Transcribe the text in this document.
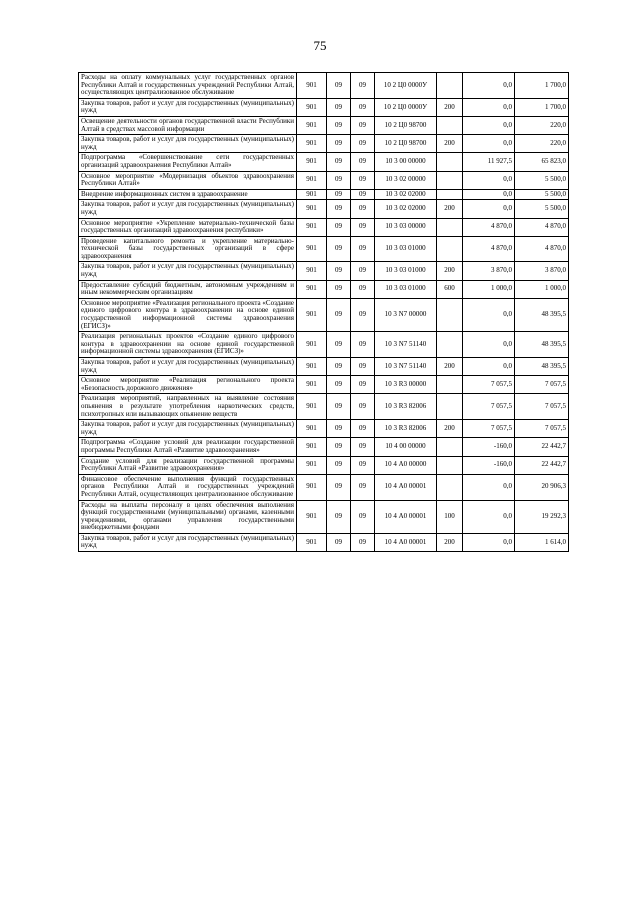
75
Расходы на оплату коммунальных услуг государственных органов Республики Алтай и государственных учреждений Республики Алтай, осуществляющих централизованное обслуживание	901	09	09	10 2 Ц0 0000У		0,0	1 700,0
Закупка товаров, работ и услуг для государственных (муниципальных) нужд	901	09	09	10 2 Ц0 0000У	200	0,0	1 700,0
Освещение деятельности органов государственной власти Республики Алтай в средствах массовой информации	901	09	09	10 2 Ц0 98700		0,0	220,0
Закупка товаров, работ и услуг для государственных (муниципальных) нужд	901	09	09	10 2 Ц0 98700	200	0,0	220,0
Подпрограмма «Совершенствование сети государственных организаций здравоохранения Республики Алтай»	901	09	09	10 3 00 00000		11 927,5	65 823,0
Основное мероприятие «Модернизация объектов здравоохранения Республики Алтай»	901	09	09	10 3 02 00000		0,0	5 500,0
Внедрение информационных систем в здравоохранение	901	09	09	10 3 02 02000		0,0	5 500,0
Закупка товаров, работ и услуг для государственных (муниципальных) нужд	901	09	09	10 3 02 02000	200	0,0	5 500,0
Основное мероприятие «Укрепление материально-технической базы государственных организаций здравоохранения республики»	901	09	09	10 3 03 00000		4 870,0	4 870,0
Проведение капитального ремонта и укрепление материально-технической базы государственных организаций в сфере здравоохранения	901	09	09	10 3 03 01000		4 870,0	4 870,0
Закупка товаров, работ и услуг для государственных (муниципальных) нужд	901	09	09	10 3 03 01000	200	3 870,0	3 870,0
Предоставление субсидий бюджетным, автономным учреждениям и иным некоммерческим организациям	901	09	09	10 3 03 01000	600	1 000,0	1 000,0
Основное мероприятие «Реализация регионального проекта «Создание единого цифрового контура в здравоохранении на основе единой государственной информационной системы здравоохранения (ЕГИСЗ)»	901	09	09	10 3 N7 00000		0,0	48 395,5
Реализация региональных проектов «Создание единого цифрового контура в здравоохранении на основе единой государственной информационной системы здравоохранения (ЕГИСЗ)»	901	09	09	10 3 N7 51140		0,0	48 395,5
Закупка товаров, работ и услуг для государственных (муниципальных) нужд	901	09	09	10 3 N7 51140	200	0,0	48 395,5
Основное мероприятие «Реализация регионального проекта «Безопасность дорожного движения»	901	09	09	10 3 R3 00000		7 057,5	7 057,5
Реализация мероприятий, направленных на выявление состояния опьянения в результате употребления наркотических средств, психотропных или вызывающих опьянение веществ	901	09	09	10 3 R3 82006		7 057,5	7 057,5
Закупка товаров, работ и услуг для государственных (муниципальных) нужд	901	09	09	10 3 R3 82006	200	7 057,5	7 057,5
Подпрограмма «Создание условий для реализации государственной программы Республики Алтай «Развитие здравоохранения»	901	09	09	10 4 00 00000		-160,0	22 442,7
Создание условий для реализации государственной программы Республики Алтай «Развитие здравоохранения»	901	09	09	10 4 А0 00000		-160,0	22 442,7
Финансовое обеспечение выполнения функций государственных органов Республики Алтай и государственных учреждений Республики Алтай, осуществляющих централизованное обслуживание	901	09	09	10 4 А0 00001		0,0	20 906,3
Расходы на выплаты персоналу в целях обеспечения выполнения функций государственными (муниципальными) органами, казенными учреждениями, органами управления государственными внебюджетными фондами	901	09	09	10 4 А0 00001	100	0,0	19 292,3
Закупка товаров, работ и услуг для государственных (муниципальных) нужд	901	09	09	10 4 А0 00001	200	0,0	1 614,0
